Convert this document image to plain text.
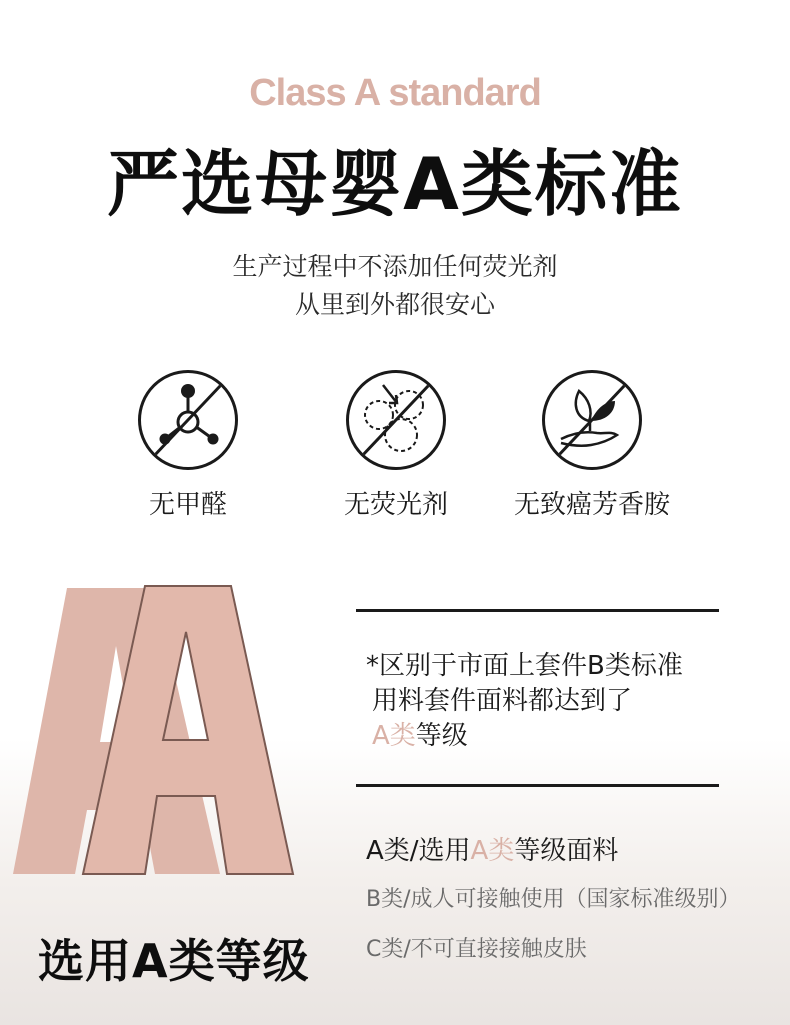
Class A standard
严选母婴A类标准
生产过程中不添加任何荧光剂
从里到外都很安心
无甲醛	无荧光剂	无致癌芳香胺
选用A类等级
*区别于市面上套件B类标准
用料套件面料都达到了
A类等级
A类/选用A类等级面料
B类/成人可接触使用（国家标准级别）
C类/不可直接接触皮肤
